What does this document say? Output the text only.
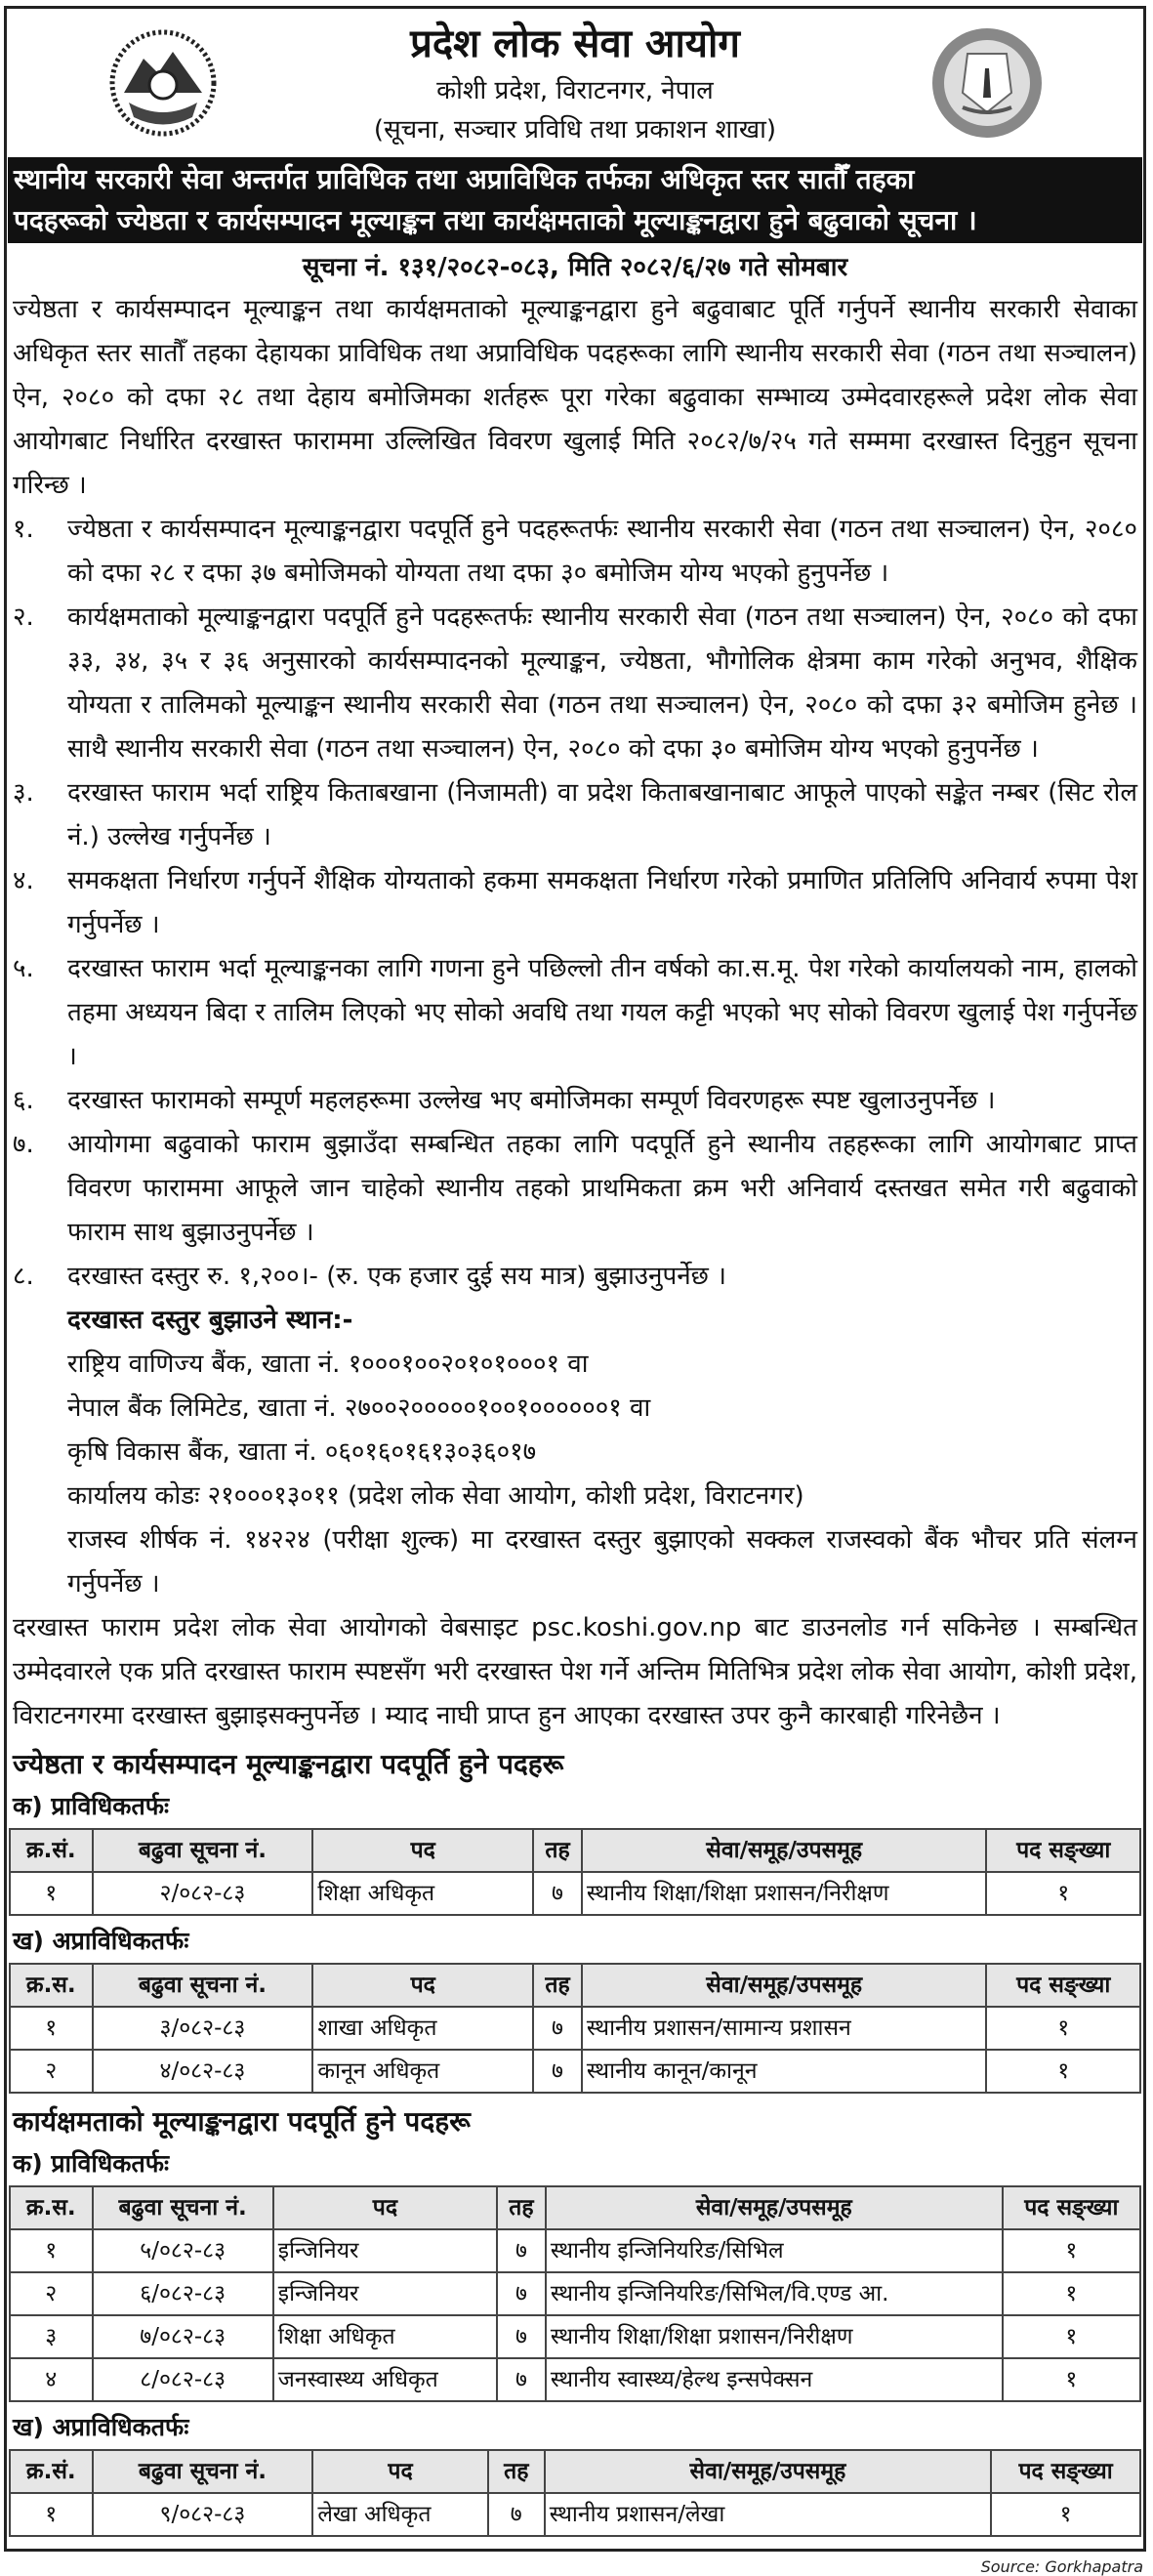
प्रदेश लोक सेवा आयोग
कोशी प्रदेश, विराटनगर, नेपाल
(सूचना, सञ्चार प्रविधि तथा प्रकाशन शाखा)
स्थानीय सरकारी सेवा अन्तर्गत प्राविधिक तथा अप्राविधिक तर्फका अधिकृत स्तर सातौँ तहका
पदहरूको ज्येष्ठता र कार्यसम्पादन मूल्याङ्कन तथा कार्यक्षमताको मूल्याङ्कनद्वारा हुने बढुवाको सूचना ।
सूचना नं. १३१/२०८२-०८३, मिति २०८२/६/२७ गते सोमबार

ज्येष्ठता र कार्यसम्पादन मूल्याङ्कन तथा कार्यक्षमताको मूल्याङ्कनद्वारा हुने बढुवाबाट पूर्ति गर्नुपर्ने स्थानीय सरकारी सेवाका अधिकृत स्तर सातौँ तहका देहायका प्राविधिक तथा अप्राविधिक पदहरूका लागि स्थानीय सरकारी सेवा (गठन तथा सञ्चालन) ऐन, २०८० को दफा २८ तथा देहाय बमोजिमका शर्तहरू पूरा गरेका बढुवाका सम्भाव्य उम्मेदवारहरूले प्रदेश लोक सेवा आयोगबाट निर्धारित दरखास्त फाराममा उल्लिखित विवरण खुलाई मिति २०८२/७/२५ गते सम्ममा दरखास्त दिनुहुन सूचना गरिन्छ ।

१.	ज्येष्ठता र कार्यसम्पादन मूल्याङ्कनद्वारा पदपूर्ति हुने पदहरूतर्फः स्थानीय सरकारी सेवा (गठन तथा सञ्चालन) ऐन, २०८० को दफा २८ र दफा ३७ बमोजिमको योग्यता तथा दफा ३० बमोजिम योग्य भएको हुनुपर्नेछ ।
२.	कार्यक्षमताको मूल्याङ्कनद्वारा पदपूर्ति हुने पदहरूतर्फः स्थानीय सरकारी सेवा (गठन तथा सञ्चालन) ऐन, २०८० को दफा ३३, ३४, ३५ र ३६ अनुसारको कार्यसम्पादनको मूल्याङ्कन, ज्येष्ठता, भौगोलिक क्षेत्रमा काम गरेको अनुभव, शैक्षिक योग्यता र तालिमको मूल्याङ्कन स्थानीय सरकारी सेवा (गठन तथा सञ्चालन) ऐन, २०८० को दफा ३२ बमोजिम हुनेछ । साथै स्थानीय सरकारी सेवा (गठन तथा सञ्चालन) ऐन, २०८० को दफा ३० बमोजिम योग्य भएको हुनुपर्नेछ ।
३.	दरखास्त फाराम भर्दा राष्ट्रिय किताबखाना (निजामती) वा प्रदेश किताबखानाबाट आफूले पाएको सङ्केत नम्बर (सिट रोल नं.) उल्लेख गर्नुपर्नेछ ।
४.	समकक्षता निर्धारण गर्नुपर्ने शैक्षिक योग्यताको हकमा समकक्षता निर्धारण गरेको प्रमाणित प्रतिलिपि अनिवार्य रुपमा पेश गर्नुपर्नेछ ।
५.	दरखास्त फाराम भर्दा मूल्याङ्कनका लागि गणना हुने पछिल्लो तीन वर्षको का.स.मू. पेश गरेको कार्यालयको नाम, हालको तहमा अध्ययन बिदा र तालिम लिएको भए सोको अवधि तथा गयल कट्टी भएको भए सोको विवरण खुलाई पेश गर्नुपर्नेछ ।
६.	दरखास्त फारामको सम्पूर्ण महलहरूमा उल्लेख भए बमोजिमका सम्पूर्ण विवरणहरू स्पष्ट खुलाउनुपर्नेछ ।
७.	आयोगमा बढुवाको फाराम बुझाउँदा सम्बन्धित तहका लागि पदपूर्ति हुने स्थानीय तहहरूका लागि आयोगबाट प्राप्त विवरण फाराममा आफूले जान चाहेको स्थानीय तहको प्राथमिकता क्रम भरी अनिवार्य दस्तखत समेत गरी बढुवाको फाराम साथ बुझाउनुपर्नेछ ।
८.	दरखास्त दस्तुर रु. १,२००।- (रु. एक हजार दुई सय मात्र) बुझाउनुपर्नेछ ।
दरखास्त दस्तुर बुझाउने स्थान:-
राष्ट्रिय वाणिज्य बैंक, खाता नं. १०००१००२०१०१०००१ वा
नेपाल बैंक लिमिटेड, खाता नं. २७००२०००००१००१००००००१ वा
कृषि विकास बैंक, खाता नं. ०६०१६०१६१३०३६०१७
कार्यालय कोडः २१०००१३०११ (प्रदेश लोक सेवा आयोग, कोशी प्रदेश, विराटनगर)
राजस्व शीर्षक नं. १४२२४ (परीक्षा शुल्क) मा दरखास्त दस्तुर बुझाएको सक्कल राजस्वको बैंक भौचर प्रति संलग्न गर्नुपर्नेछ ।

दरखास्त फाराम प्रदेश लोक सेवा आयोगको वेबसाइट psc.koshi.gov.np बाट डाउनलोड गर्न सकिनेछ । सम्बन्धित उम्मेदवारले एक प्रति दरखास्त फाराम स्पष्टसँग भरी दरखास्त पेश गर्ने अन्तिम मितिभित्र प्रदेश लोक सेवा आयोग, कोशी प्रदेश, विराटनगरमा दरखास्त बुझाइसक्नुपर्नेछ । म्याद नाघी प्राप्त हुन आएका दरखास्त उपर कुनै कारबाही गरिनेछैन ।

ज्येष्ठता र कार्यसम्पादन मूल्याङ्कनद्वारा पदपूर्ति हुने पदहरू
क) प्राविधिकतर्फः
क्र.सं.	बढुवा सूचना नं.	पद	तह	सेवा/समूह/उपसमूह	पद सङ्ख्या
१	२/०८२-८३	शिक्षा अधिकृत	७	स्थानीय शिक्षा/शिक्षा प्रशासन/निरीक्षण	१
ख) अप्राविधिकतर्फः
क्र.स.	बढुवा सूचना नं.	पद	तह	सेवा/समूह/उपसमूह	पद सङ्ख्या
१	३/०८२-८३	शाखा अधिकृत	७	स्थानीय प्रशासन/सामान्य प्रशासन	१
२	४/०८२-८३	कानून अधिकृत	७	स्थानीय कानून/कानून	१
कार्यक्षमताको मूल्याङ्कनद्वारा पदपूर्ति हुने पदहरू
क) प्राविधिकतर्फः
क्र.स.	बढुवा सूचना नं.	पद	तह	सेवा/समूह/उपसमूह	पद सङ्ख्या
१	५/०८२-८३	इन्जिनियर	७	स्थानीय इन्जिनियरिङ/सिभिल	१
२	६/०८२-८३	इन्जिनियर	७	स्थानीय इन्जिनियरिङ/सिभिल/वि.एण्ड आ.	१
३	७/०८२-८३	शिक्षा अधिकृत	७	स्थानीय शिक्षा/शिक्षा प्रशासन/निरीक्षण	१
४	८/०८२-८३	जनस्वास्थ्य अधिकृत	७	स्थानीय स्वास्थ्य/हेल्थ इन्सपेक्सन	१
ख) अप्राविधिकतर्फः
क्र.सं.	बढुवा सूचना नं.	पद	तह	सेवा/समूह/उपसमूह	पद सङ्ख्या
१	९/०८२-८३	लेखा अधिकृत	७	स्थानीय प्रशासन/लेखा	१
Source: Gorkhapatra
